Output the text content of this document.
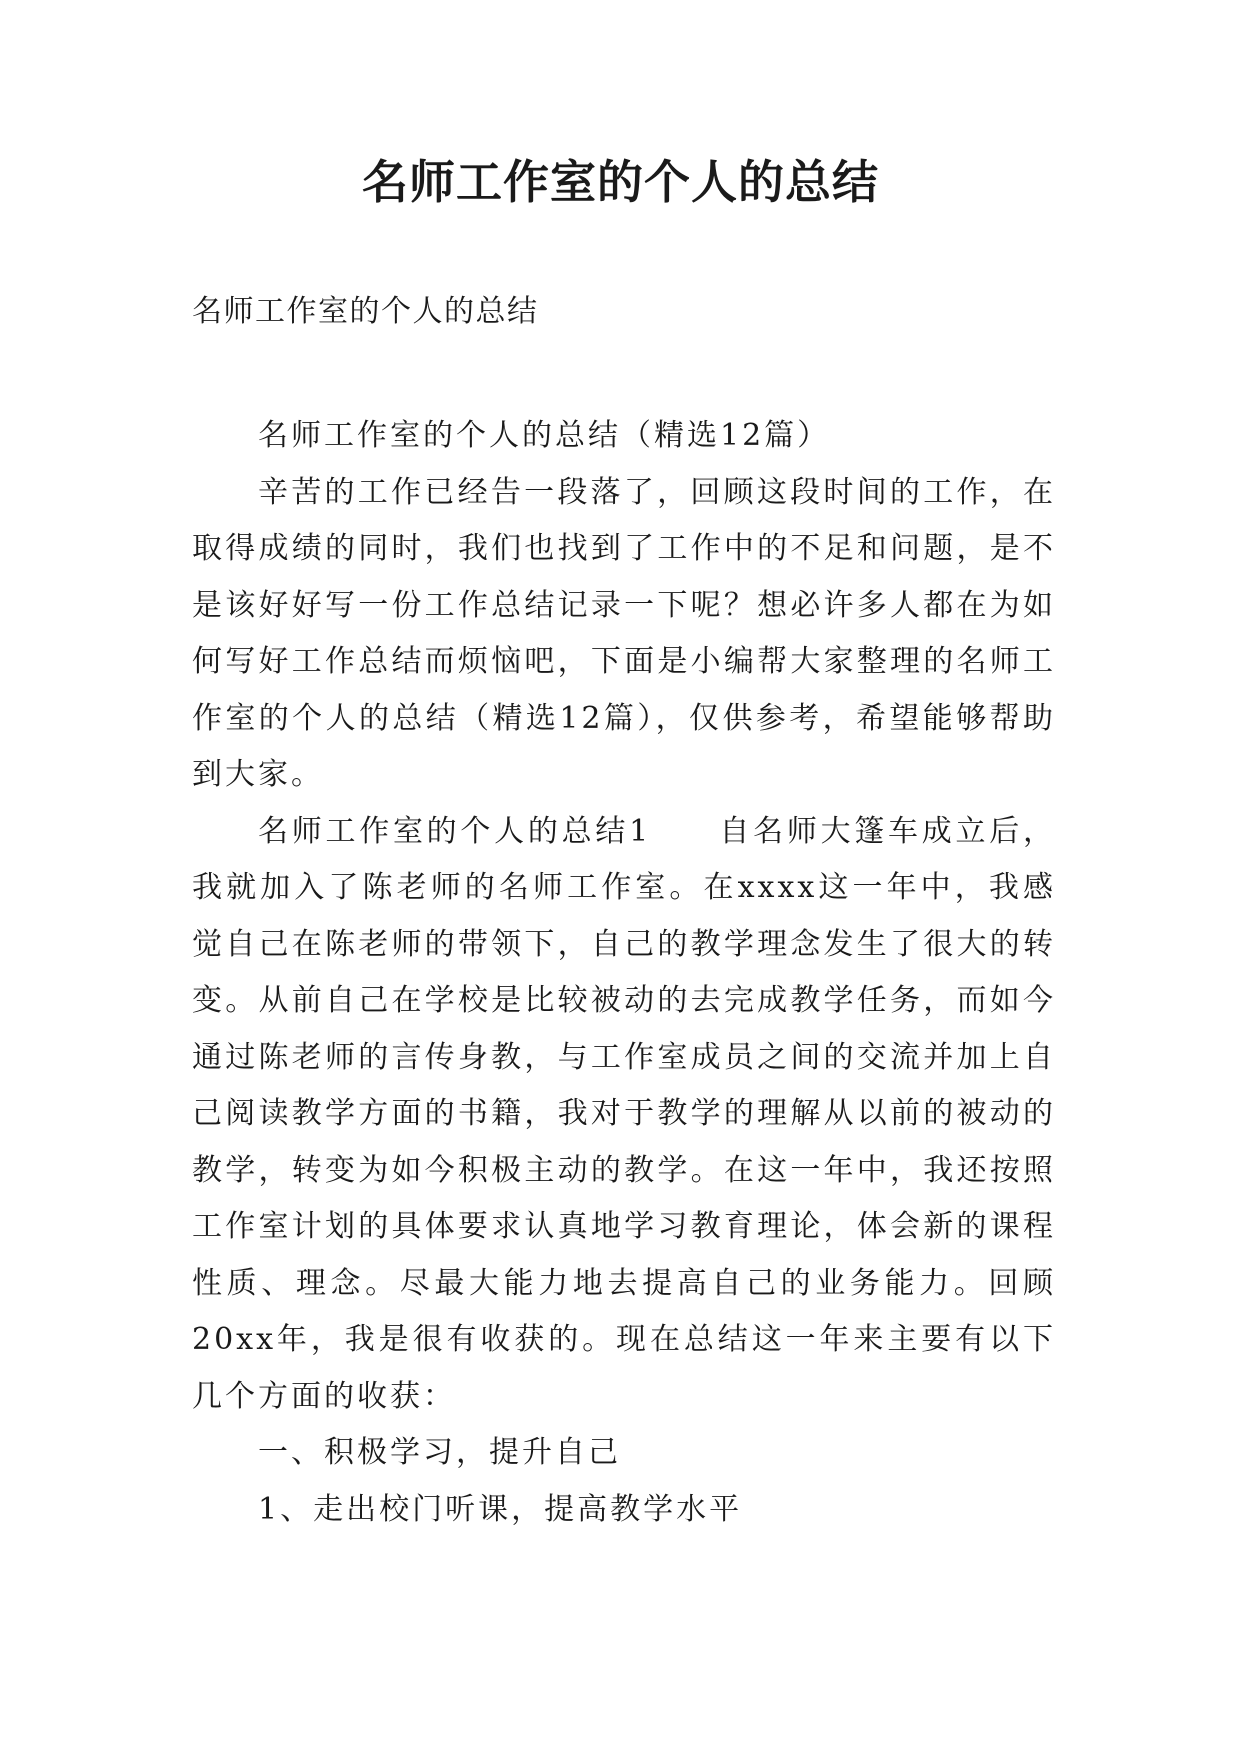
名师工作室的个人的总结
名师工作室的个人的总结

名师工作室的个人的总结（精选12篇）

辛苦的工作已经告一段落了，回顾这段时间的工作，在取得成绩的同时，我们也找到了工作中的不足和问题，是不是该好好写一份工作总结记录一下呢？想必许多人都在为如何写好工作总结而烦恼吧，下面是小编帮大家整理的名师工作室的个人的总结（精选12篇），仅供参考，希望能够帮助到大家。

名师工作室的个人的总结1　　自名师大篷车成立后，我就加入了陈老师的名师工作室。在xxxx这一年中，我感觉自己在陈老师的带领下，自己的教学理念发生了很大的转变。从前自己在学校是比较被动的去完成教学任务，而如今通过陈老师的言传身教，与工作室成员之间的交流并加上自己阅读教学方面的书籍，我对于教学的理解从以前的被动的教学，转变为如今积极主动的教学。在这一年中，我还按照工作室计划的具体要求认真地学习教育理论，体会新的课程性质、理念。尽最大能力地去提高自己的业务能力。回顾20xx年，我是很有收获的。现在总结这一年来主要有以下几个方面的收获：

一、积极学习，提升自己

1、走出校门听课，提高教学水平
